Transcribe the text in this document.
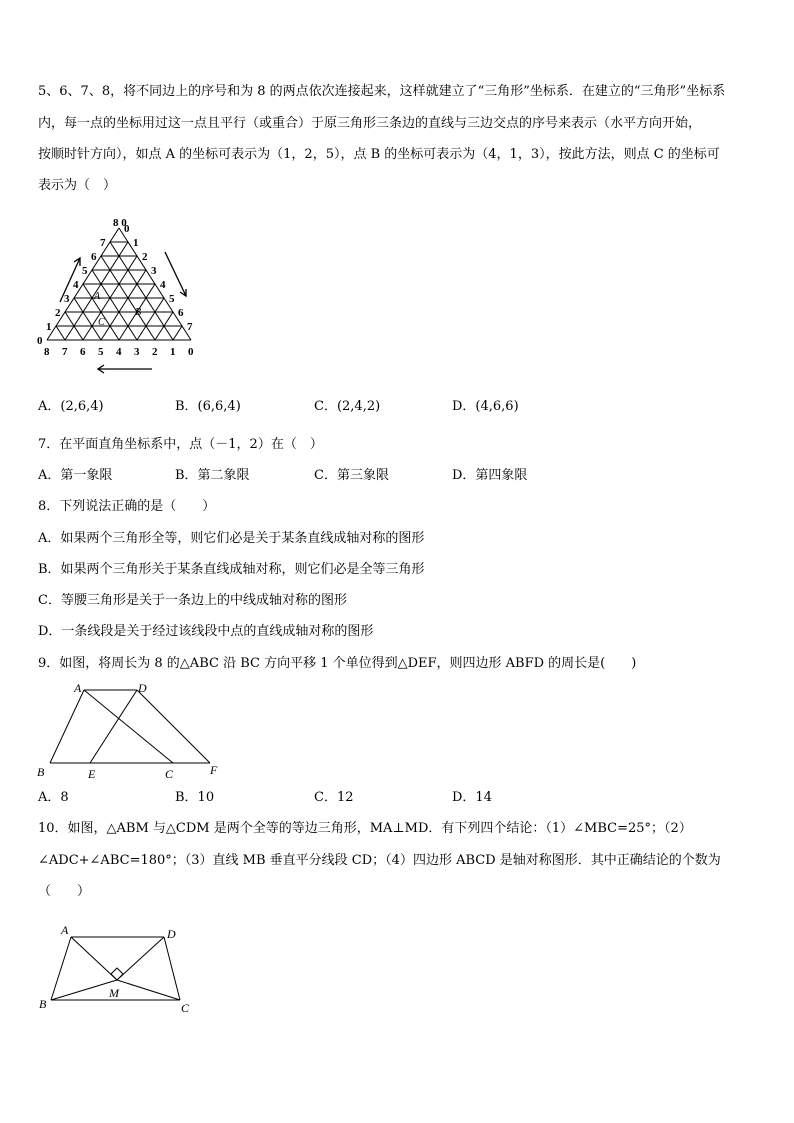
5、6、7、8，将不同边上的序号和为 8 的两点依次连接起来，这样就建立了“三角形”坐标系．在建立的“三角形”坐标系
内，每一点的坐标用过这一点且平行（或重合）于原三角形三条边的直线与三边交点的序号来表示（水平方向开始，
按顺时针方向），如点 A 的坐标可表示为（1，2，5），点 B 的坐标可表示为（4，1，3），按此方法，则点 C 的坐标可
表示为（　）
8 0
0
1
2
3
4
5
6
7
0
1
2
3
4
5
6
7
8 7 6 5 4 3 2 1 0
A
B
C
A．(2,6,4)	B．(6,6,4)	C．(2,4,2)	D．(4,6,6)
7．在平面直角坐标系中，点（－1，2）在（　）
A．第一象限	B．第二象限	C．第三象限	D．第四象限
8．下列说法正确的是（　　）
A．如果两个三角形全等，则它们必是关于某条直线成轴对称的图形
B．如果两个三角形关于某条直线成轴对称，则它们必是全等三角形
C．等腰三角形是关于一条边上的中线成轴对称的图形
D．一条线段是关于经过该线段中点的直线成轴对称的图形
9．如图，将周长为 8 的△ABC 沿 BC 方向平移 1 个单位得到△DEF，则四边形 ABFD 的周长是(　　)
A	D
B	E	C	F
A．8	B．10	C．12	D．14
10．如图，△ABM 与△CDM 是两个全等的等边三角形，MA⊥MD．有下列四个结论：（1）∠MBC=25°；（2）
∠ADC+∠ABC=180°；（3）直线 MB 垂直平分线段 CD；（4）四边形 ABCD 是轴对称图形．其中正确结论的个数为
（　　）
A	D
M
B	C
